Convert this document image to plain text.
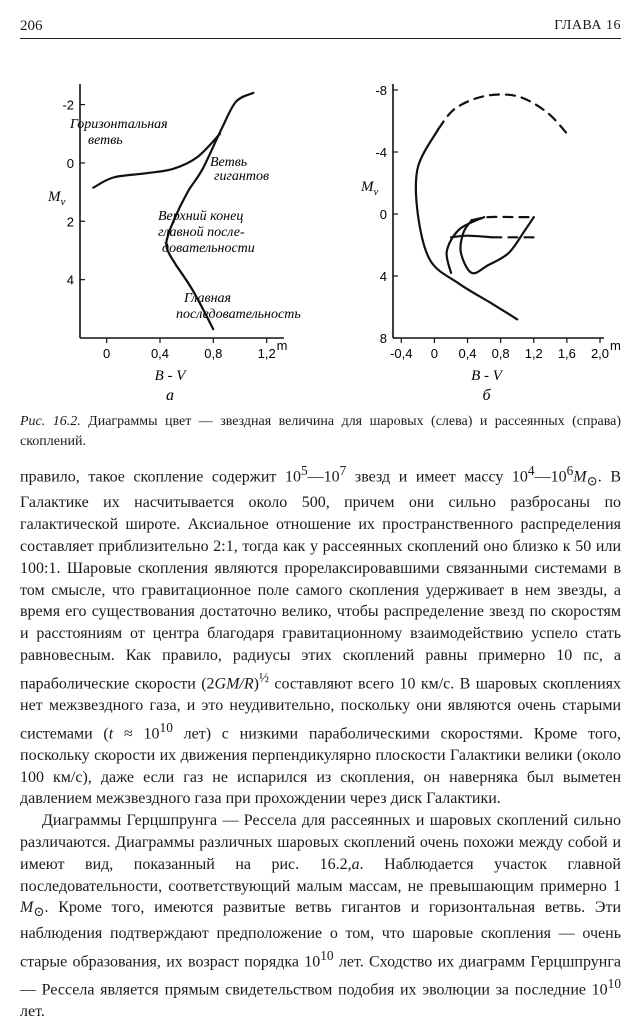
206	ГЛАВА 16
0	0,4	0,8	1,2
m
-2
0
2
4
$M_v$
B - V
а
Горизонтальная
ветвь
Ветвь
гигантов
Верхний конец
главной после-
довательности
Главная
последовательность
-0,4 0 0,4 0,8 1,2 1,6 2,0
m
-8
-4
0
4
8
$M_v$
B - V
б
Рис. 16.2. Диаграммы цвет — звездная величина для шаровых (слева) и рассеянных (справа) скоплений.

правило, такое скопление содержит $10^5—10^7$ звезд и имеет массу $10^4—10^6M_⊙$. В Галактике их насчитывается около 500, причем они сильно разбросаны по галактической широте. Аксиальное отношение их пространственного распределения составляет приблизительно 2:1, тогда как у рассеянных скоплений оно близко к 50 или 100:1. Шаровые скопления являются прорелаксировавшими связанными системами в том смысле, что гравитационное поле самого скопления удерживает в нем звезды, а время его существования достаточно велико, чтобы распределение звезд по скоростям и расстояниям от центра благодаря гравитационному взаимодействию успело стать равновесным. Как правило, радиусы этих скоплений равны примерно 10 пс, а параболические скорости $(2GM/R)^{\frac{1}{2}}$ составляют всего 10 км/с. В шаровых скоплениях нет межзвездного газа, и это неудивительно, поскольку они являются очень старыми системами ($t \approx 10^{10}$ лет) с низкими параболическими скоростями. Кроме того, поскольку скорости их движения перпендикулярно плоскости Галактики велики (около 100 км/с), даже если газ не испарился из скопления, он наверняка был выметен давлением межзвездного газа при прохождении через диск Галактики.

Диаграммы Герцшпрунга — Рессела для рассеянных и шаровых скоплений сильно различаются. Диаграммы различных шаровых скоплений очень похожи между собой и имеют вид, показанный на рис. 16.2,а. Наблюдается участок главной последовательности, соответствующий малым массам, не превышающим примерно 1 $M_⊙$. Кроме того, имеются развитые ветвь гигантов и горизонтальная ветвь. Эти наблюдения подтверждают предположение о том, что шаровые скопления — очень старые образования, их возраст порядка $10^{10}$ лет. Сходство их диаграмм Герцшпрунга — Рессела является прямым свидетельством подобия их эволюции за последние $10^{10}$ лет.
